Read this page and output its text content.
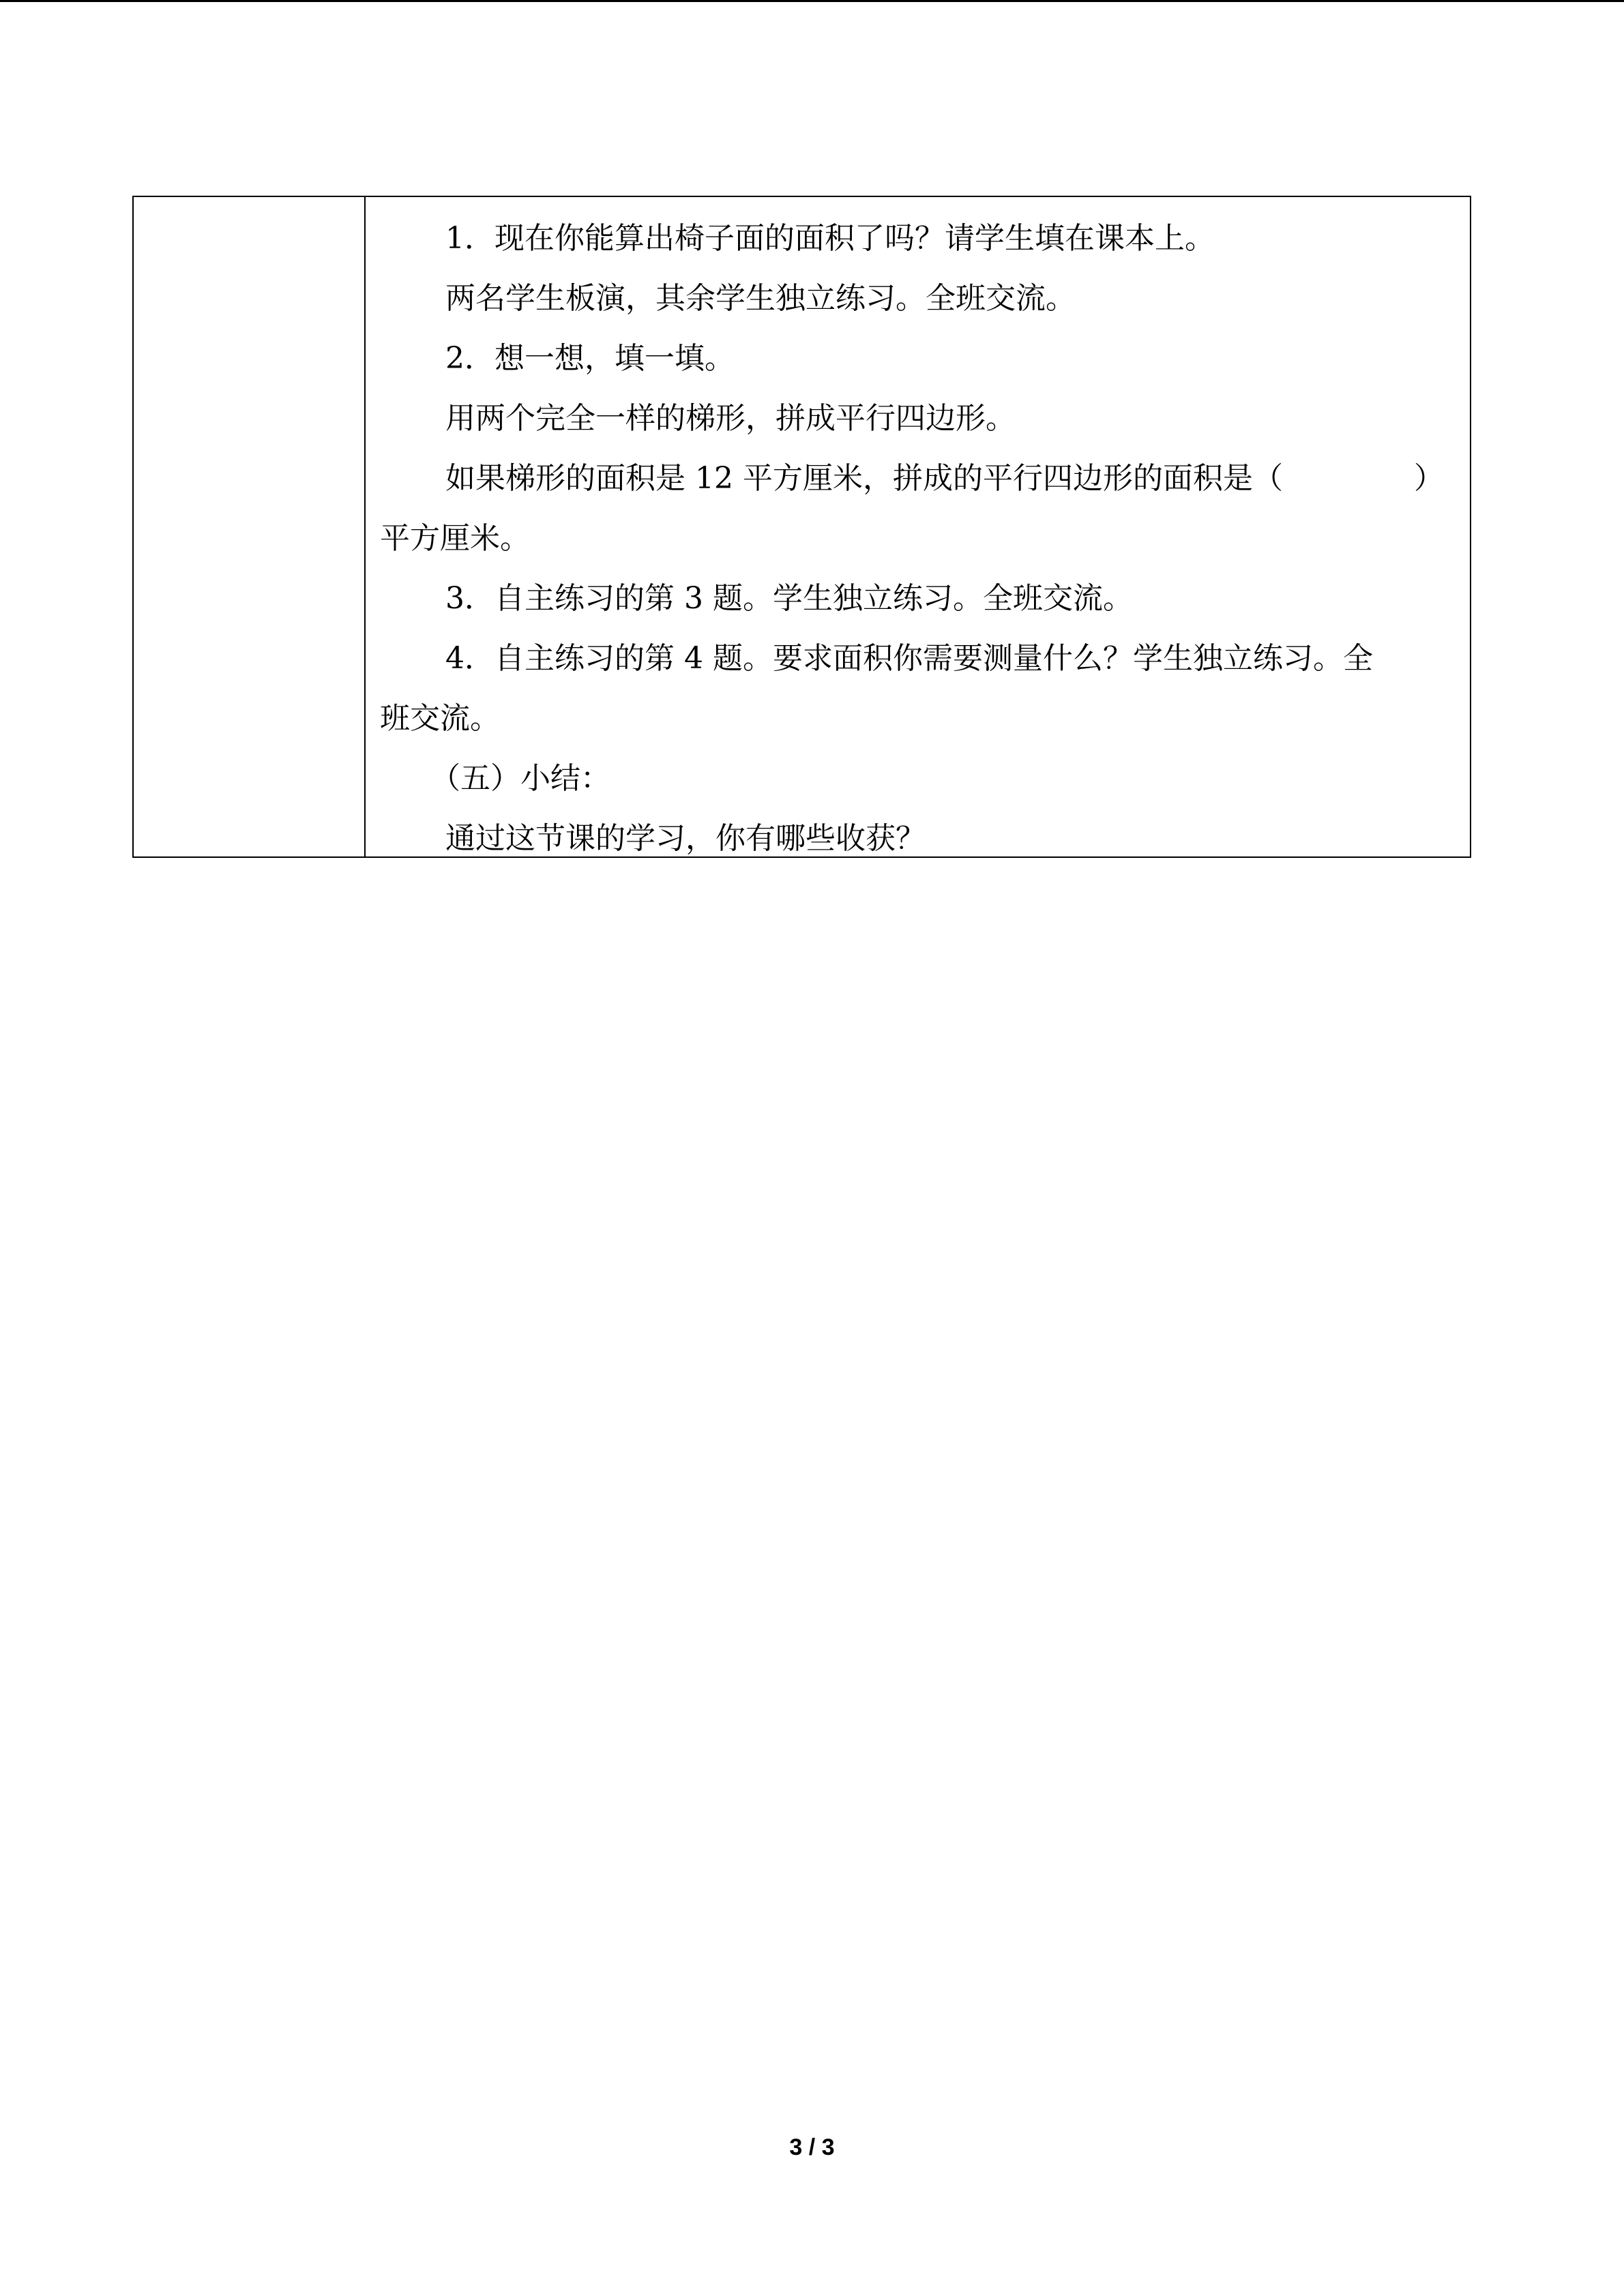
1．现在你能算出椅子面的面积了吗？请学生填在课本上。

两名学生板演，其余学生独立练习。全班交流。

2．想一想，填一填。

用两个完全一样的梯形，拼成平行四边形。

如果梯形的面积是 12 平方厘米，拼成的平行四边形的面积是（	）

平方厘米。

3．自主练习的第 3 题。学生独立练习。全班交流。

4．自主练习的第 4 题。要求面积你需要测量什么？学生独立练习。全

班交流。

（五）小结：

通过这节课的学习，你有哪些收获？

3 / 3
